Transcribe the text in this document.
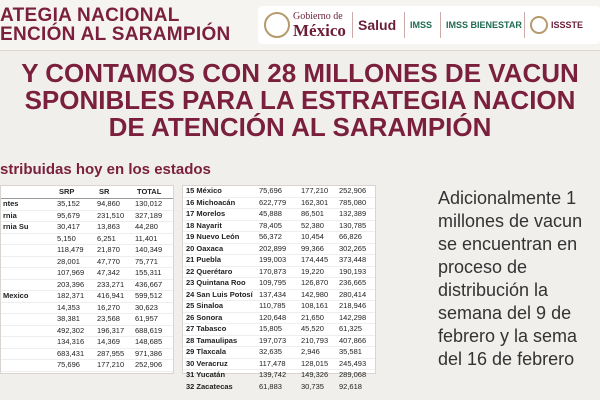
ATEGIA NACIONAL
ENCIÓN AL SARAMPIÓN
Gobierno de
México Salud IMSS IMSS BIENESTAR	ISSSTE
Y CONTAMOS CON 28 MILLONES DE VACUN
SPONIBLES PARA LA ESTRATEGIA NACION
DE ATENCIÓN AL SARAMPIÓN
stribuidas hoy en los estados
SRP	SR	TOTAL
ntes	35,152 94,860 130,012
rnia	95,679 231,510 327,189
rnia Su	30,417 13,863 44,280
5,150	6,251	11,401
118,479 21,870 140,349
28,001 47,770 75,771
107,969 47,342 155,311
203,396 233,271 436,667
Mexico	182,371 416,941 599,512
14,353 16,270 30,623
38,381 23,568 61,957
492,302 196,317 688,619
134,316 14,369 148,685
683,431 287,955 971,386
75,696 177,210 252,906
15 México	75,696	177,210 252,906
16 Michoacán	622,779 162,301 785,080
17 Morelos	45,888	86,501 132,389
18 Nayarit	78,405	52,380 130,785
19 Nuevo León	56,372	10,454 66,826
20 Oaxaca	202,899 99,366 302,265
21 Puebla	199,003 174,445 373,448
22 Querétaro	170,873 19,220 190,193
23 Quintana Roo 109,795 126,870 236,665
24 San Luis Potosí 137,434 142,980 280,414
25 Sinaloa	110,785 108,161 218,946
26 Sonora	120,648 21,650 142,298
27 Tabasco	15,805	45,520 61,325
28 Tamaulipas	197,073 210,793 407,866
29 Tlaxcala	32,635	2,946	35,581
30 Veracruz	117,478 128,015 245,493
31 Yucatán	139,742 149,326 289,068
32 Zacatecas	61,883	30,735 92,618

Adicionalmente 1

millones de vacun

se encuentran en

proceso de

distribución la

semana del 9 de

febrero y la sema

del 16 de febrero
